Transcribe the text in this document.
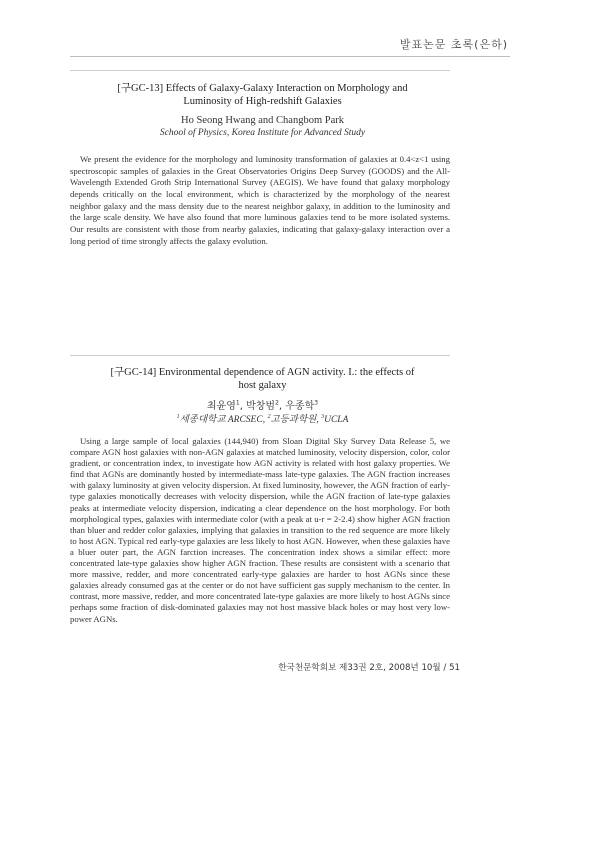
발표논문 초록(은하)
[구GC-13] Effects of Galaxy-Galaxy Interaction on Morphology and
Luminosity of High-redshift Galaxies
Ho Seong Hwang and Changbom Park
School of Physics, Korea Institute for Advanced Study

We present the evidence for the morphology and luminosity transformation of galaxies at 0.4<z<1 using spectroscopic samples of galaxies in the Great Observatories Origins Deep Survey (GOODS) and the All-Wavelength Extended Groth Strip International Survey (AEGIS). We have found that galaxy morphology depends critically on the local environment, which is characterized by the morphology of the nearest neighbor galaxy and the mass density due to the nearest neighbor galaxy, in addition to the luminosity and the large scale density. We have also found that more luminous galaxies tend to be more isolated systems. Our results are consistent with those from nearby galaxies, indicating that galaxy-galaxy interaction over a long period of time strongly affects the galaxy evolution.

[구GC-14] Environmental dependence of AGN activity. I.: the effects of
host galaxy
최윤영$^1$, 박창범$^2$, 우종학$^3$
$^1$세종대학교 ARCSEC, $^2$고등과학원, $^3$UCLA

Using a large sample of local galaxies (144,940) from Sloan Digital Sky Survey Data Release 5, we compare AGN host galaxies with non-AGN galaxies at matched luminosity, velocity dispersion, color, color gradient, or concentration index, to investigate how AGN activity is related with host galaxy properties. We find that AGNs are dominantly hosted by intermediate-mass late-type galaxies. The AGN fraction increases with galaxy luminosity at given velocity dispersion. At fixed luminosity, however, the AGN fraction of early-type galaxies monotically decreases with velocity dispersion, while the AGN fraction of late-type galaxies peaks at intermediate velocity dispersion, indicating a clear dependence on the host morphology. For both morphological types, galaxies with intermediate color (with a peak at u-r = 2-2.4) show higher AGN fraction than bluer and redder color galaxies, implying that galaxies in transition to the red sequence are more likely to host AGN. Typical red early-type galaxies are less likely to host AGN. However, when these galaxies have a bluer outer part, the AGN farction increases. The concentration index shows a similar effect: more concentrated late-type galaxies show higher AGN fraction. These results are consistent with a scenario that more massive, redder, and more concentrated early-type galaxies are harder to host AGNs since these galaxies already consumed gas at the center or do not have sufficient gas supply mechanism to the center. In contrast, more massive, redder, and more concentrated late-type galaxies are more likely to host AGNs since perhaps some fraction of disk-dominated galaxies may not host massive black holes or may host very low-power AGNs.

한국천문학회보 제33권 2호, 2008년 10월 / 51
